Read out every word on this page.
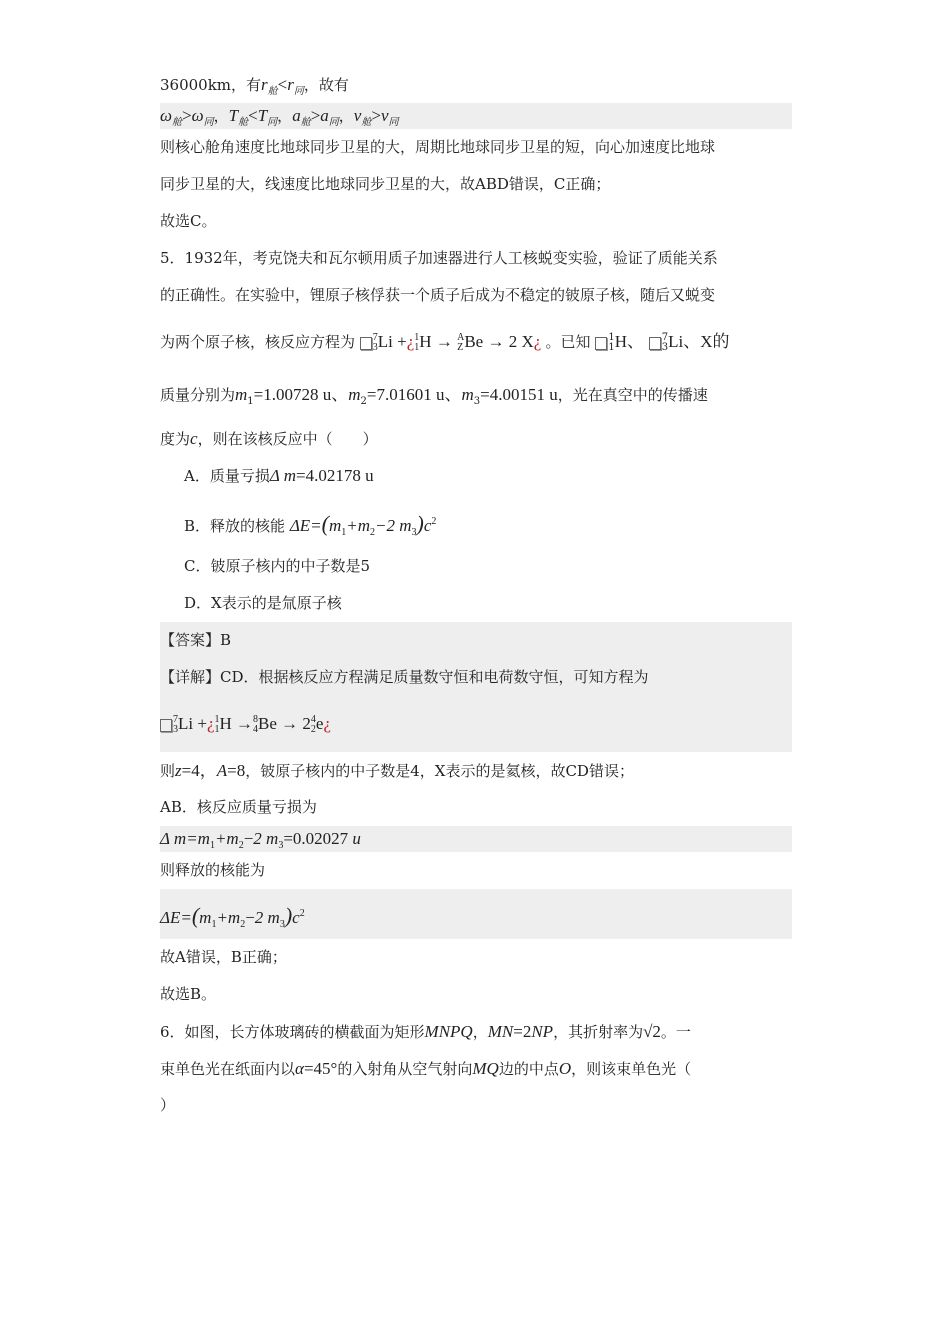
36000km，有$r_舱<r_同$，故有
$\omega_舱>\omega_同$，$T_舱<T_同$，$a_舱>a_同$，$v_舱>v_同$
则核心舱角速度比地球同步卫星的大，周期比地球同步卫星的短，向心加速度比地球
同步卫星的大，线速度比地球同步卫星的大，故ABD错误，C正确；
故选C。
5．1932年，考克饶夫和瓦尔顿用质子加速器进行人工核蜕变实验，验证了质能关系
的正确性。在实验中，锂原子核俘获一个质子后成为不稳定的铍原子核，随后又蜕变
为两个原子核，核反应方程为 7
3 Li +¿ 1
1 H → A
Z Be → 2 X¿ 。已知 1
1 H、 7
3 Li、X的
质量分别为$m_1=1.00728$ u、$m_2=7.01601$ u、$m_3=4.00151$ u，光在真空中的传播速
度为c，则在该核反应中（　　）
A．质量亏损Δ m=4.02178 u
B．释放的核能 $\Delta E=(m_1+m_2-2$ $m_3)c^2$
C．铍原子核内的中子数是5
D．X表示的是氚原子核
【答案】B
【详解】CD．根据核反应方程满足质量数守恒和电荷数守恒，可知方程为
7
3 Li +¿ 1
1 H → 8
4 Be → 2 4
2 e¿
则z=4，A=8，铍原子核内的中子数是4，X表示的是氦核，故CD错误；
AB．核反应质量亏损为
Δ $m=m_1+m_2-2$ $m_3=0.02027$ u
则释放的核能为
$\Delta E=(m_1+m_2-2$ $m_3)c^2$
故A错误，B正确；
故选B。
6．如图，长方体玻璃砖的横截面为矩形MNPQ，MN=2NP，其折射率为√2。一
束单色光在纸面内以α=45°的入射角从空气射向MQ边的中点O，则该束单色光（
）
